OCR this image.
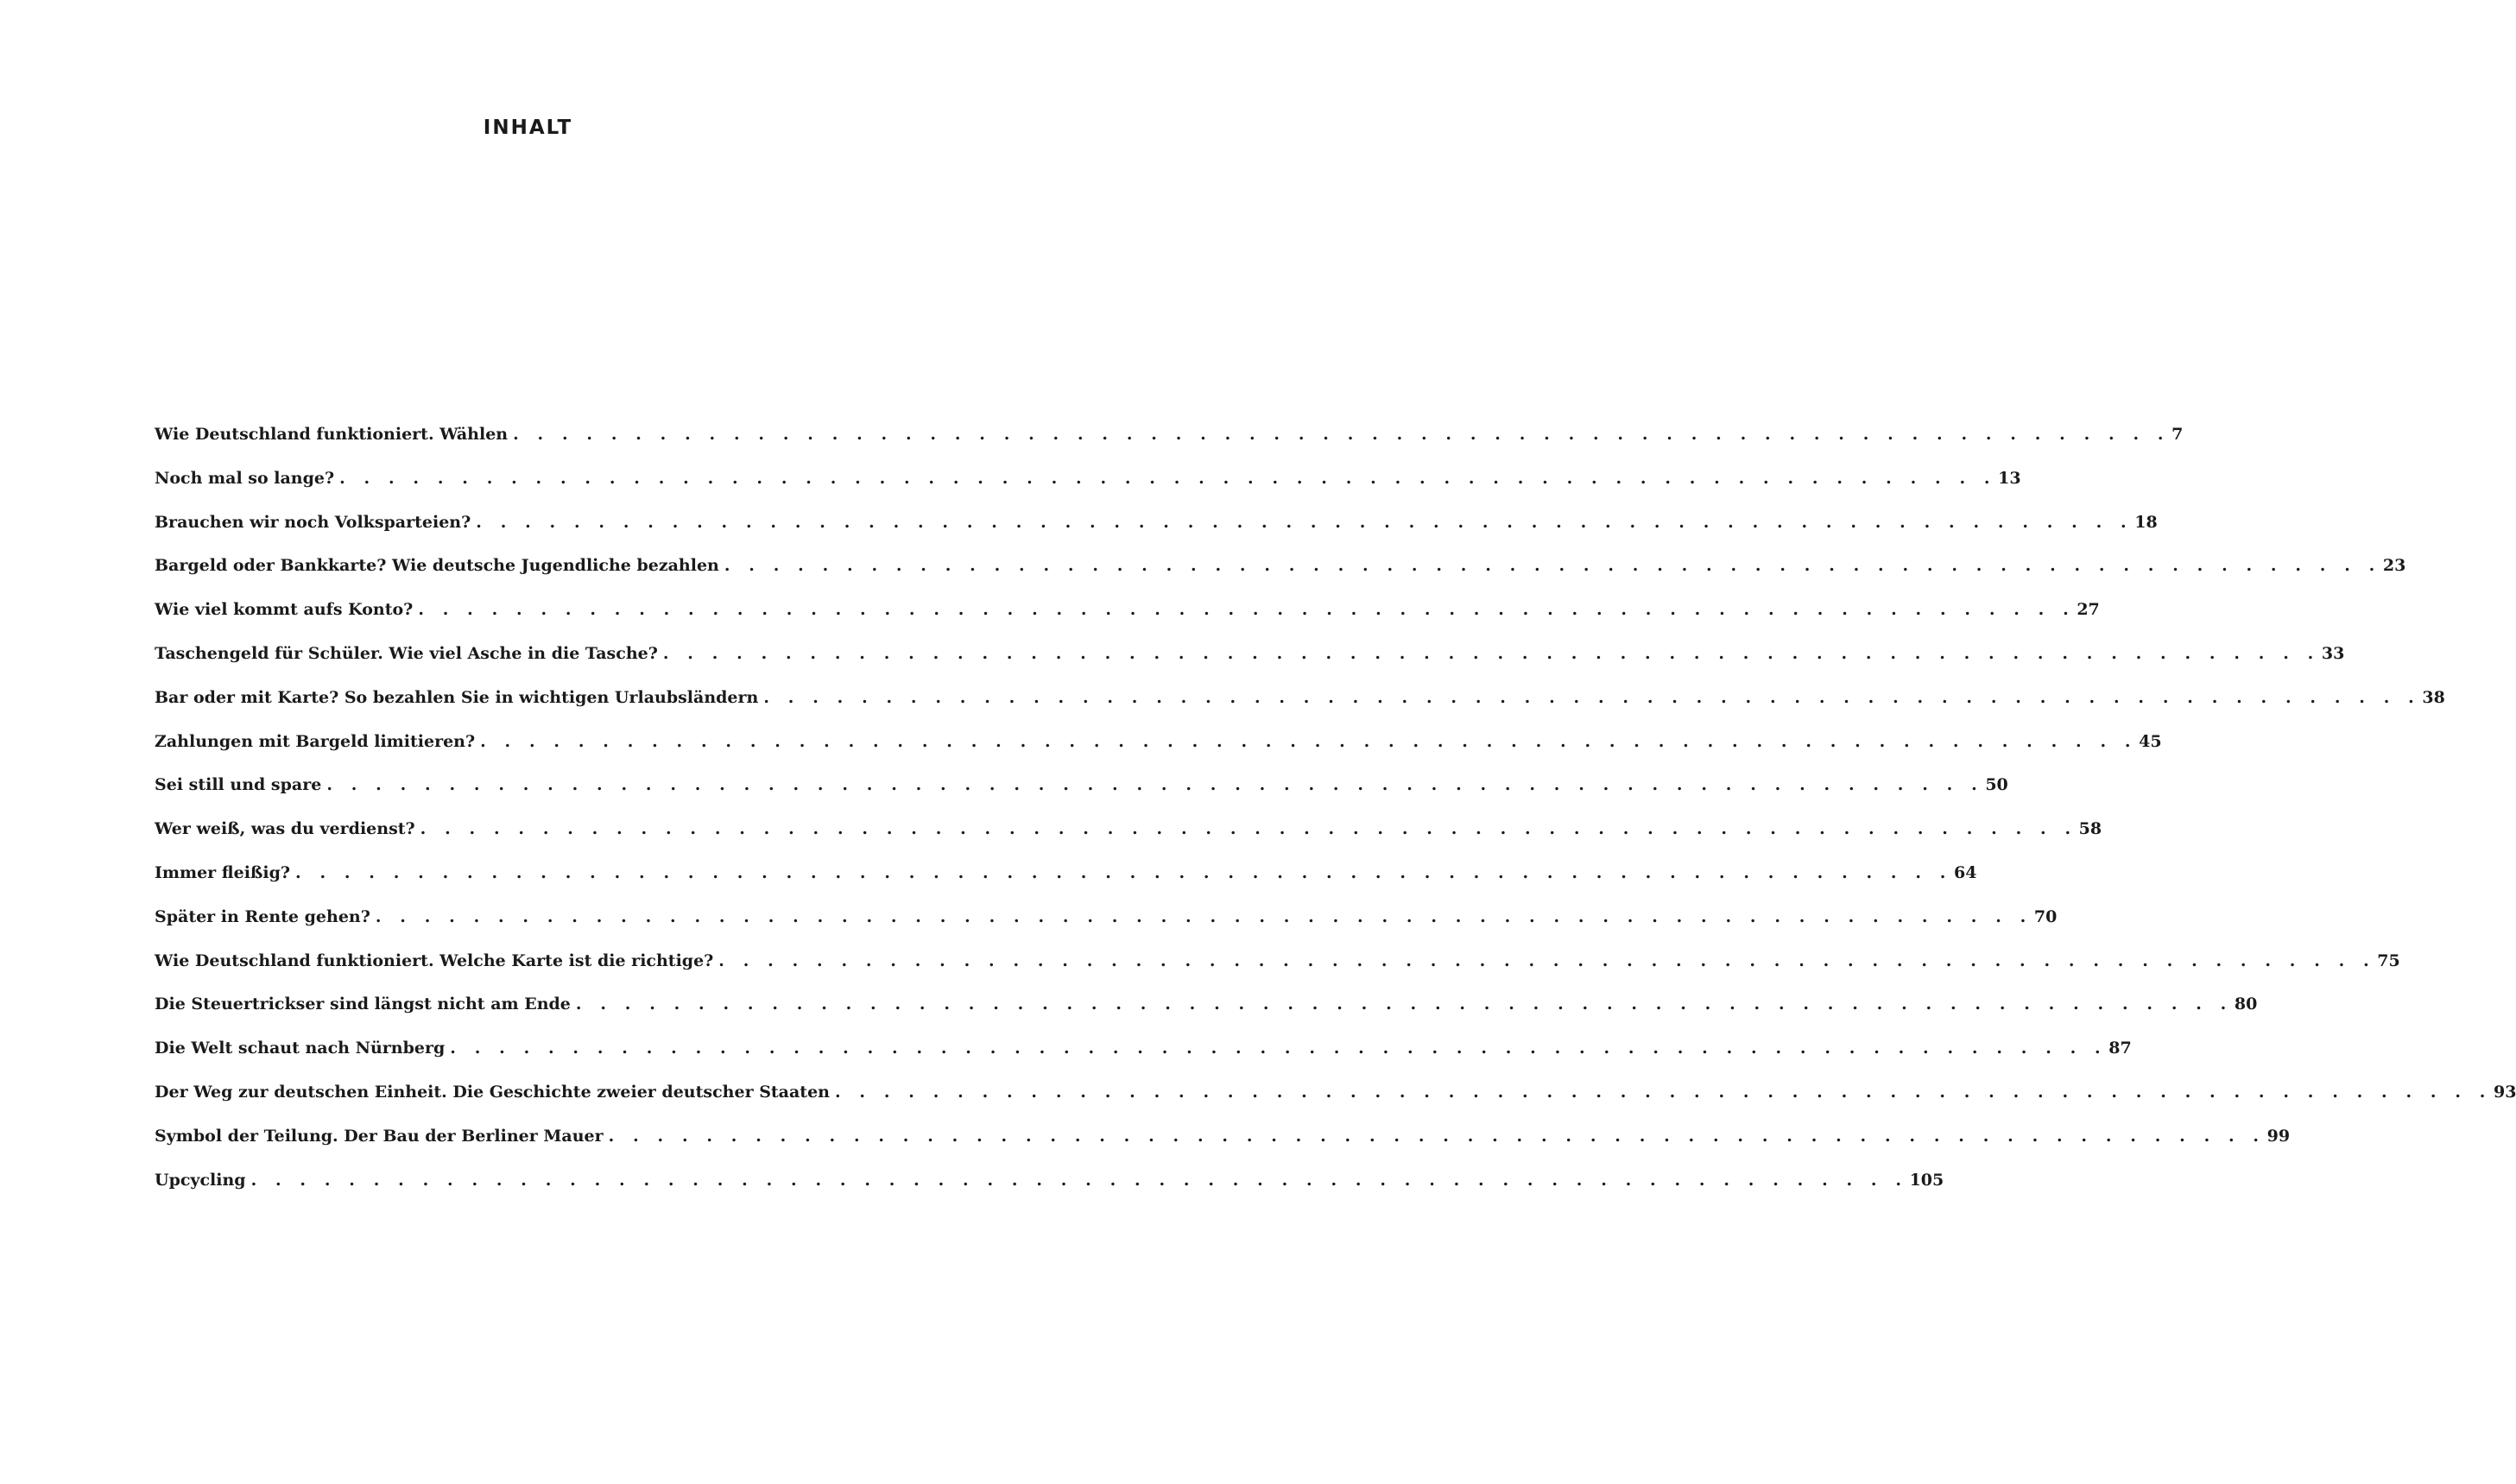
INHALT
Wie Deutschland funktioniert. Wählen . . . . . . . . . . . . . . . . . . . . . . . . . . . . . . . . . . . . . . . . . . . . . . . . . . . . . . . . . . . . . . . . . . . . 7
Noch mal so lange? . . . . . . . . . . . . . . . . . . . . . . . . . . . . . . . . . . . . . . . . . . . . . . . . . . . . . . . . . . . . . . . . . . . . 13
Brauchen wir noch Volksparteien? . . . . . . . . . . . . . . . . . . . . . . . . . . . . . . . . . . . . . . . . . . . . . . . . . . . . . . . . . . . . . . . . . . . . 18
Bargeld oder Bankkarte? Wie deutsche Jugendliche bezahlen . . . . . . . . . . . . . . . . . . . . . . . . . . . . . . . . . . . . . . . . . . . . . . . . . . . . . . . . . . . . . . . . . . . . 23
Wie viel kommt aufs Konto? . . . . . . . . . . . . . . . . . . . . . . . . . . . . . . . . . . . . . . . . . . . . . . . . . . . . . . . . . . . . . . . . . . . . 27
Taschengeld für Schüler. Wie viel Asche in die Tasche? . . . . . . . . . . . . . . . . . . . . . . . . . . . . . . . . . . . . . . . . . . . . . . . . . . . . . . . . . . . . . . . . . . . . 33
Bar oder mit Karte? So bezahlen Sie in wichtigen Urlaubsländern . . . . . . . . . . . . . . . . . . . . . . . . . . . . . . . . . . . . . . . . . . . . . . . . . . . . . . . . . . . . . . . . . . . . 38
Zahlungen mit Bargeld limitieren? . . . . . . . . . . . . . . . . . . . . . . . . . . . . . . . . . . . . . . . . . . . . . . . . . . . . . . . . . . . . . . . . . . . . 45
Sei still und spare . . . . . . . . . . . . . . . . . . . . . . . . . . . . . . . . . . . . . . . . . . . . . . . . . . . . . . . . . . . . . . . . . . . . 50
Wer weiß, was du verdienst? . . . . . . . . . . . . . . . . . . . . . . . . . . . . . . . . . . . . . . . . . . . . . . . . . . . . . . . . . . . . . . . . . . . . 58
Immer fleißig? . . . . . . . . . . . . . . . . . . . . . . . . . . . . . . . . . . . . . . . . . . . . . . . . . . . . . . . . . . . . . . . . . . . . 64
Später in Rente gehen? . . . . . . . . . . . . . . . . . . . . . . . . . . . . . . . . . . . . . . . . . . . . . . . . . . . . . . . . . . . . . . . . . . . . 70
Wie Deutschland funktioniert. Welche Karte ist die richtige? . . . . . . . . . . . . . . . . . . . . . . . . . . . . . . . . . . . . . . . . . . . . . . . . . . . . . . . . . . . . . . . . . . . . 75
Die Steuertrickser sind längst nicht am Ende . . . . . . . . . . . . . . . . . . . . . . . . . . . . . . . . . . . . . . . . . . . . . . . . . . . . . . . . . . . . . . . . . . . . 80
Die Welt schaut nach Nürnberg . . . . . . . . . . . . . . . . . . . . . . . . . . . . . . . . . . . . . . . . . . . . . . . . . . . . . . . . . . . . . . . . . . . . 87
Der Weg zur deutschen Einheit. Die Geschichte zweier deutscher Staaten . . . . . . . . . . . . . . . . . . . . . . . . . . . . . . . . . . . . . . . . . . . . . . . . . . . . . . . . . . . . . . . . . . . . 93
Symbol der Teilung. Der Bau der Berliner Mauer . . . . . . . . . . . . . . . . . . . . . . . . . . . . . . . . . . . . . . . . . . . . . . . . . . . . . . . . . . . . . . . . . . . . 99
Upcycling . . . . . . . . . . . . . . . . . . . . . . . . . . . . . . . . . . . . . . . . . . . . . . . . . . . . . . . . . . . . . . . . . . . . 105
